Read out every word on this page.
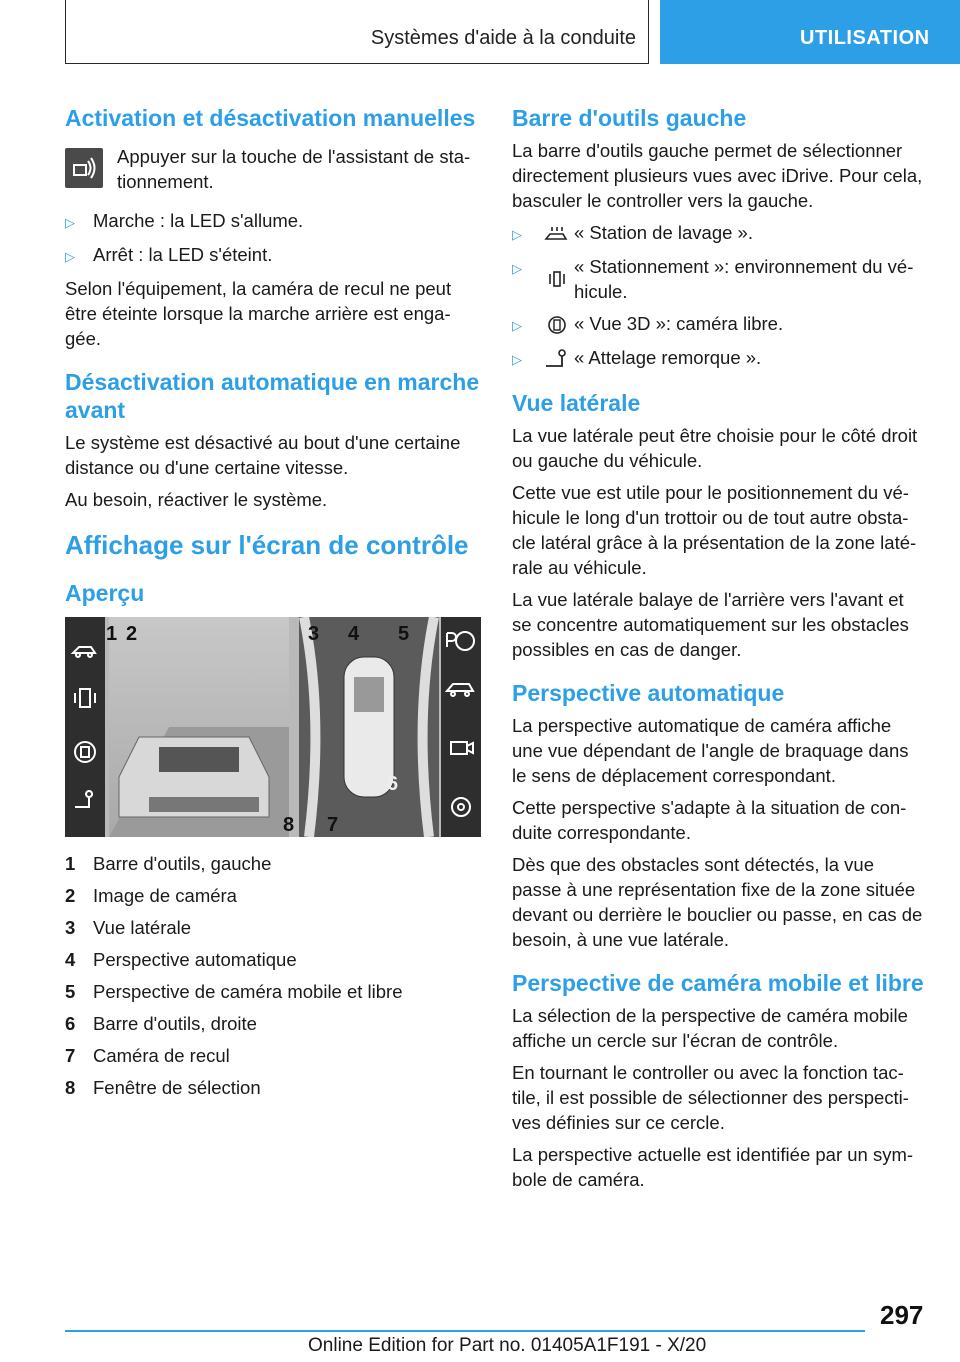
Systèmes d'aide à la conduite	UTILISATION
Activation et désactivation manuelles

Appuyer sur la touche de l'assistant de sta-tionnement.

▷ Marche : la LED s'allume.
▷ Arrêt : la LED s'éteint.

Selon l'équipement, la caméra de recul ne peut être éteinte lorsque la marche arrière est enga-gée.

Désactivation automatique en marche avant

Le système est désactivé au bout d'une certaine distance ou d'une certaine vitesse.

Au besoin, réactiver le système.

Affichage sur l'écran de contrôle
Aperçu
1 2	3 4 5
6
7
8
1 Barre d'outils, gauche
2 Image de caméra
3 Vue latérale
4 Perspective automatique
5 Perspective de caméra mobile et libre
6 Barre d'outils, droite
7 Caméra de recul
8 Fenêtre de sélection
Barre d'outils gauche

La barre d'outils gauche permet de sélectionner directement plusieurs vues avec iDrive. Pour cela, basculer le controller vers la gauche.

▷	« Station de lavage ».
▷	« Stationnement »: environnement du vé-hicule.
▷	« Vue 3D »: caméra libre.
▷	« Attelage remorque ».
Vue latérale

La vue latérale peut être choisie pour le côté droit ou gauche du véhicule.

Cette vue est utile pour le positionnement du vé-hicule le long d'un trottoir ou de tout autre obsta-cle latéral grâce à la présentation de la zone laté-rale au véhicule.

La vue latérale balaye de l'arrière vers l'avant et se concentre automatiquement sur les obstacles possibles en cas de danger.

Perspective automatique

La perspective automatique de caméra affiche une vue dépendant de l'angle de braquage dans le sens de déplacement correspondant.

Cette perspective s'adapte à la situation de con-duite correspondante.

Dès que des obstacles sont détectés, la vue passe à une représentation fixe de la zone située devant ou derrière le bouclier ou passe, en cas de besoin, à une vue latérale.

Perspective de caméra mobile et libre

La sélection de la perspective de caméra mobile affiche un cercle sur l'écran de contrôle.

En tournant le controller ou avec la fonction tac-tile, il est possible de sélectionner des perspecti-ves définies sur ce cercle.

La perspective actuelle est identifiée par un sym-bole de caméra.

297
Online Edition for Part no. 01405A1F191 - X/20
